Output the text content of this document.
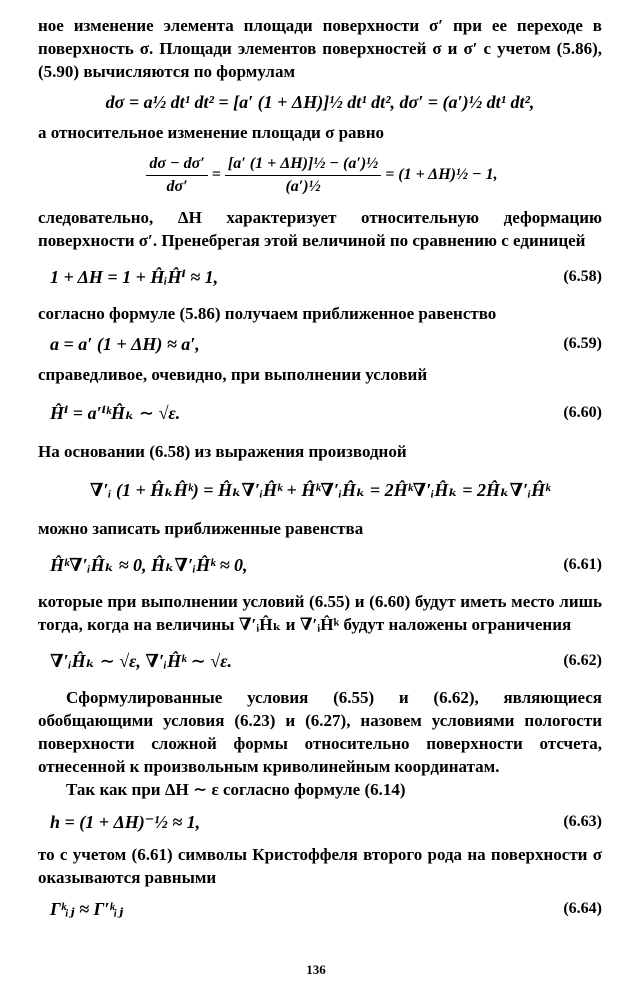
ное изменение элемента площади поверхности σ′ при ее переходе в поверхность σ. Площади элементов поверхностей σ и σ′ с учетом (5.86), (5.90) вычисляются по формулам

dσ = a½ dt¹ dt² = [a′ (1 + ΔH)]½ dt¹ dt², dσ′ = (a′)½ dt¹ dt²,

а относительное изменение площади σ равно

$\frac{d\sigma - d\sigma'}{d\sigma'} = \frac{\text{[a′ (1 + ΔH)]½ − (a′)½}}{\text{(a′)½}} = (1$ + ΔH)½ − 1,

следовательно, ΔH характеризует относительную деформацию поверхности σ′. Пренебрегая этой величиной по сравнению с единицей

1 + ΔH = 1 + ĤᵢĤⁱ ≈ 1,	(6.58)

согласно формуле (5.86) получаем приближенное равенство

a = a′ (1 + ΔH) ≈ a′,	(6.59)

справедливое, очевидно, при выполнении условий

Ĥⁱ = a′ⁱᵏĤₖ ∼ √ε.	(6.60)

На основании (6.58) из выражения производной

∇′ᵢ (1 + ĤₖĤᵏ) = Ĥₖ∇′ᵢĤᵏ + Ĥᵏ∇′ᵢĤₖ = 2Ĥᵏ∇′ᵢĤₖ = 2Ĥₖ∇′ᵢĤᵏ

можно записать приближенные равенства

Ĥᵏ∇′ᵢĤₖ ≈ 0, Ĥₖ∇′ᵢĤᵏ ≈ 0,	(6.61)

которые при выполнении условий (6.55) и (6.60) будут иметь место лишь тогда, когда на величины ∇′ᵢĤₖ и ∇′ᵢĤᵏ будут наложены ограничения

∇′ᵢĤₖ ∼ √ε, ∇′ᵢĤᵏ ∼ √ε.	(6.62)

Сформулированные условия (6.55) и (6.62), являющиеся обобщающими условия (6.23) и (6.27), назовем условиями пологости поверхности сложной формы относительно поверхности отсчета, отнесенной к произвольным криволинейным координатам.

Так как при ΔH ∼ ε согласно формуле (6.14)

h = (1 + ΔH)⁻½ ≈ 1,	(6.63)

то с учетом (6.61) символы Кристоффеля второго рода на поверхности σ оказываются равными

Γᵏᵢⱼ ≈ Γ′ᵏᵢⱼ	(6.64)
136
